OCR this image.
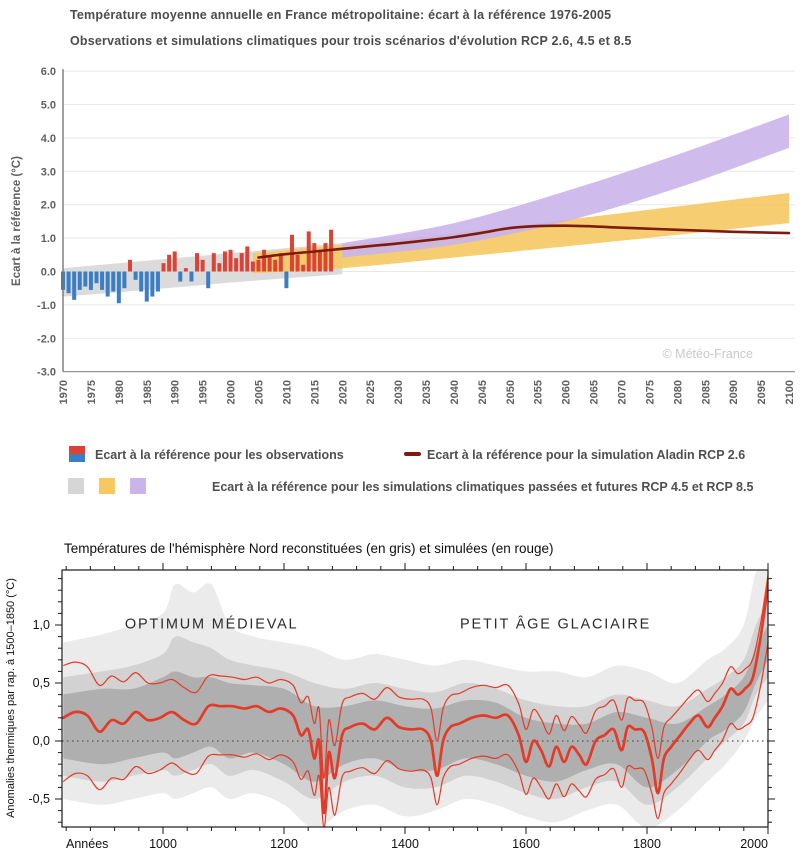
Température moyenne annuelle en France métropolitaine: écart à la référence 1976-2005
Observations et simulations climatiques pour trois scénarios d'évolution RCP 2.6, 4.5 et 8.5
-3.0
-2.0
-1.0
0.0
1.0
2.0
3.0
4.0
5.0
6.0
1970 1975 1980 1985 1990 1995 2000 2005 2010 2015 2020 2025 2030 2035 2040 2045 2050 2055 2060 2065 2070 2075 2080 2085 2090 2095 2100
Ecart à la référence (°C)
© Météo-France
Ecart à la référence pour les observations	Ecart à la référence pour la simulation Aladin RCP 2.6
Ecart à la référence pour les simulations climatiques passées et futures RCP 4.5 et RCP 8.5
Températures de l'hémisphère Nord reconstituées (en gris) et simulées (en rouge)
1000	1200	1400	1600	1800	2000
Années
1,0
0,5
0,0
-0,5
Anomalies thermiques par rap. à 1500–1850 (°C)	OPTIMUM MÉDIEVAL	PETIT ÂGE GLACIAIRE
